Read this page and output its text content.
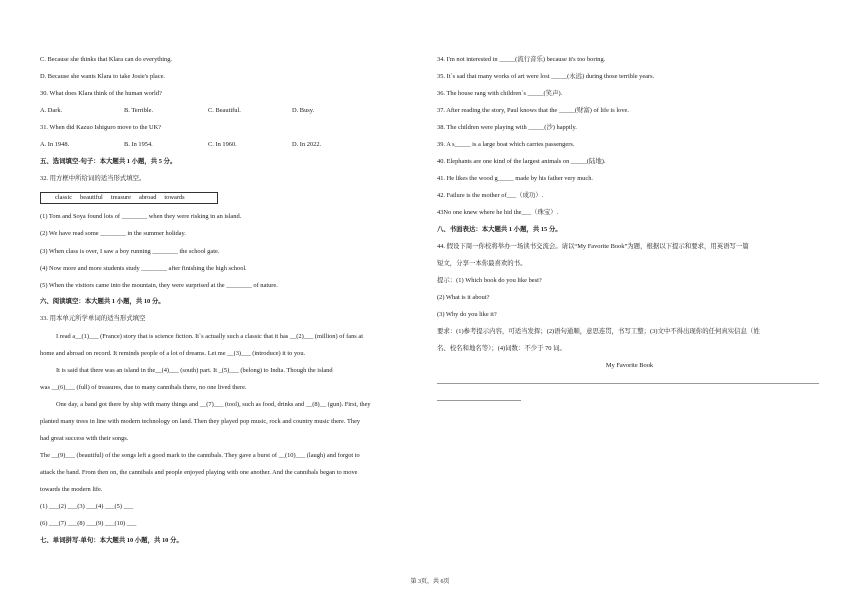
C. Because she thinks that Klara can do everything.
D. Because she wants Klara to take Josie's place.
30. What does Klara think of the human world?
A. Dark.	B. Terrible.	C. Beautiful.	D. Busy.
31. When did Kazuo Ishiguro move to the UK?
A. In 1948.	B. In 1954.	C. In 1960.	D. In 2022.
五、选词填空-句子：本大题共 1 小题，共 5 分。
32. 用方框中所给词的适当形式填空。
classic beautiful treasure abroad towards
(1) Tom and Soya found lots of ________ when they were risking in an island.
(2) We have read some ________ in the summer holiday.
(3) When class is over, I saw a boy running ________ the school gate.
(4) Now more and more students study ________ after finishing the high school.
(5) When the visitors came into the mountain, they were surprised at the ________ of nature.
六、阅读填空：本大题共 1 小题，共 10 分。
33. 用本单元所学单词的适当形式填空
I read a__(1)___ (France) story that is science fiction. It`s actually such a classic that it has __(2)___ (million) of fans at
home and abroad on record. It reminds people of a lot of dreams. Let me __(3)___ (introduce) it to you.
It is said that there was an island in the__(4)___ (south) part. It _(5)___ (belong) to India. Though the island
was __(6)___ (full) of treasures, due to many cannibals there, no one lived there.
One day, a band got there by ship with many things and __(7)___ (tool), such as food, drinks and __(8)__ (gun). First, they
planted many trees in line with modern technology on land. Then they played pop music, rock and country music there. They
had great success with their songs.
The __(9)___ (beautiful) of the songs left a good mark to the cannibals. They gave a burst of __(10)___ (laugh) and forgot to
attack the band. From then on, the cannibals and people enjoyed playing with one another. And the cannibals began to move
towards the modern life.
(1) ___(2) ___(3) ___(4) ___(5) ___
(6) ___(7) ___(8) ___(9) ___(10) ___
七、单词拼写-单句：本大题共 10 小题，共 10 分。
34. I'm not interested in _____(流行音乐) because it's too boring.
35. It`s sad that many works of art were lost _____(永远) during those terrible years.
36. The house rang with children`s _____(笑声).
37. After reading the story, Paul knows that the _____(财富) of life is love.
38. The children were playing with _____(沙) happily.
39. A s_____ is a large boat which carries passengers.
40. Elephants are one kind of the largest animals on _____(陆地).
41. He likes the wood g_____ made by his father very much.
42. Failure is the mother of___（成功）.
43No one knew where he hid the___（珠宝）.
八、书面表达：本大题共 1 小题，共 15 分。
44. 假设下周一你校将举办一场读书交流会。请以“My Favorite Book”为题，根据以下提示和要求，用英语写一篇
短文，分享一本你最喜欢的书。
提示：(1) Which book do you like best?
(2) What is it about?
(3) Why do you like it?
要求：(1)参考提示内容，可适当发挥；(2)语句通顺，意思连贯，书写工整；(3)文中不得出现你的任何真实信息（姓
名、校名和地名等）；(4)词数：不少于 70 词。
My Favorite Book
第 3页，共 6页
